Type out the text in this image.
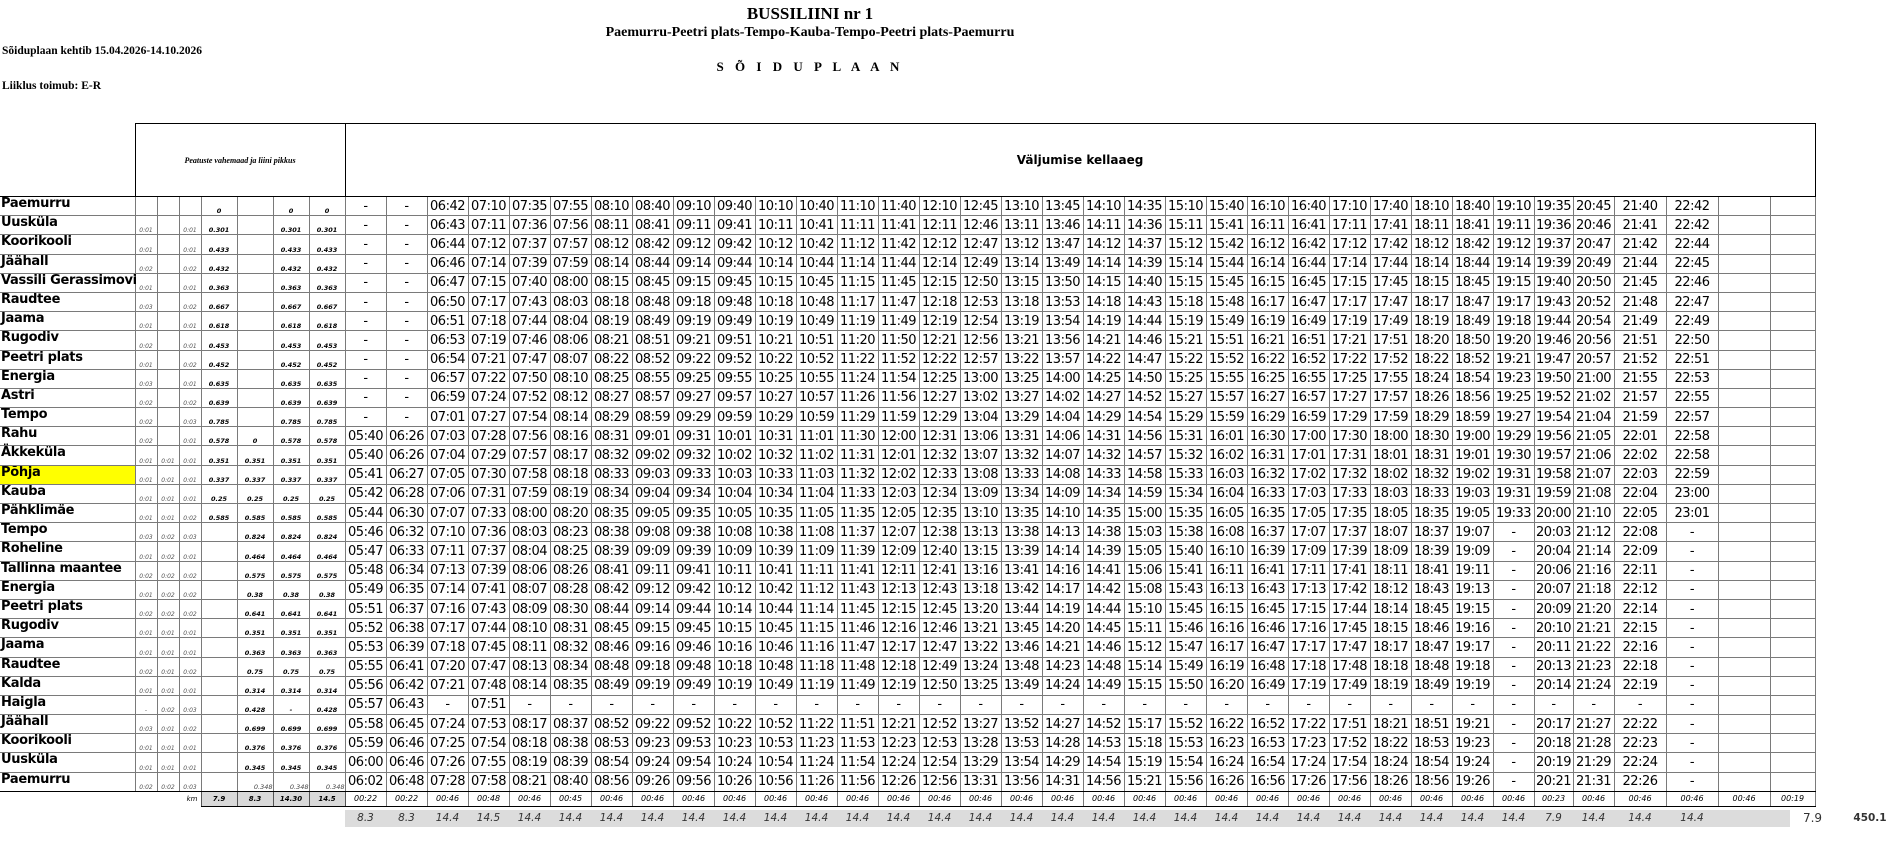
BUSSILIINI nr 1
Paemurru-Peetri plats-Tempo-Kauba-Tempo-Peetri plats-Paemurru
S Õ I D U P L A A N
Sõiduplaan kehtib 15.04.2026-14.10.2026
Liiklus toimub: E-R
	Peatuste vahemaad ja liini pikkus							Väljumise kellaaeg																																		
Paemurru				0		0	0	-	-	06:42	07:10	07:35	07:55	08:10	08:40	09:10	09:40	10:10	10:40	11:10	11:40	12:10	12:45	13:10	13:45	14:10	14:35	15:10	15:40	16:10	16:40	17:10	17:40	18:10	18:40	19:10	19:35	20:45	21:40	22:42		
Uusküla	0:01		0:01	0.301		0.301	0.301	-	-	06:43	07:11	07:36	07:56	08:11	08:41	09:11	09:41	10:11	10:41	11:11	11:41	12:11	12:46	13:11	13:46	14:11	14:36	15:11	15:41	16:11	16:41	17:11	17:41	18:11	18:41	19:11	19:36	20:46	21:41	22:42		
Koorikooli	0:01		0:01	0.433		0.433	0.433	-	-	06:44	07:12	07:37	07:57	08:12	08:42	09:12	09:42	10:12	10:42	11:12	11:42	12:12	12:47	13:12	13:47	14:12	14:37	15:12	15:42	16:12	16:42	17:12	17:42	18:12	18:42	19:12	19:37	20:47	21:42	22:44		
Jäähall	0:02		0:02	0.432		0.432	0.432	-	-	06:46	07:14	07:39	07:59	08:14	08:44	09:14	09:44	10:14	10:44	11:14	11:44	12:14	12:49	13:14	13:49	14:14	14:39	15:14	15:44	16:14	16:44	17:14	17:44	18:14	18:44	19:14	19:39	20:49	21:44	22:45		
Vassili Gerassimovi	0:01		0:01	0.363		0.363	0.363	-	-	06:47	07:15	07:40	08:00	08:15	08:45	09:15	09:45	10:15	10:45	11:15	11:45	12:15	12:50	13:15	13:50	14:15	14:40	15:15	15:45	16:15	16:45	17:15	17:45	18:15	18:45	19:15	19:40	20:50	21:45	22:46		
Raudtee	0:03		0:02	0.667		0.667	0.667	-	-	06:50	07:17	07:43	08:03	08:18	08:48	09:18	09:48	10:18	10:48	11:17	11:47	12:18	12:53	13:18	13:53	14:18	14:43	15:18	15:48	16:17	16:47	17:17	17:47	18:17	18:47	19:17	19:43	20:52	21:48	22:47		
Jaama	0:01		0:01	0.618		0.618	0.618	-	-	06:51	07:18	07:44	08:04	08:19	08:49	09:19	09:49	10:19	10:49	11:19	11:49	12:19	12:54	13:19	13:54	14:19	14:44	15:19	15:49	16:19	16:49	17:19	17:49	18:19	18:49	19:18	19:44	20:54	21:49	22:49		
Rugodiv	0:02		0:01	0.453		0.453	0.453	-	-	06:53	07:19	07:46	08:06	08:21	08:51	09:21	09:51	10:21	10:51	11:20	11:50	12:21	12:56	13:21	13:56	14:21	14:46	15:21	15:51	16:21	16:51	17:21	17:51	18:20	18:50	19:20	19:46	20:56	21:51	22:50		
Peetri plats	0:01		0:02	0.452		0.452	0.452	-	-	06:54	07:21	07:47	08:07	08:22	08:52	09:22	09:52	10:22	10:52	11:22	11:52	12:22	12:57	13:22	13:57	14:22	14:47	15:22	15:52	16:22	16:52	17:22	17:52	18:22	18:52	19:21	19:47	20:57	21:52	22:51		
Energia	0:03		0:01	0.635		0.635	0.635	-	-	06:57	07:22	07:50	08:10	08:25	08:55	09:25	09:55	10:25	10:55	11:24	11:54	12:25	13:00	13:25	14:00	14:25	14:50	15:25	15:55	16:25	16:55	17:25	17:55	18:24	18:54	19:23	19:50	21:00	21:55	22:53		
Astri	0:02		0:02	0.639		0.639	0.639	-	-	06:59	07:24	07:52	08:12	08:27	08:57	09:27	09:57	10:27	10:57	11:26	11:56	12:27	13:02	13:27	14:02	14:27	14:52	15:27	15:57	16:27	16:57	17:27	17:57	18:26	18:56	19:25	19:52	21:02	21:57	22:55		
Tempo	0:02		0:03	0.785		0.785	0.785	-	-	07:01	07:27	07:54	08:14	08:29	08:59	09:29	09:59	10:29	10:59	11:29	11:59	12:29	13:04	13:29	14:04	14:29	14:54	15:29	15:59	16:29	16:59	17:29	17:59	18:29	18:59	19:27	19:54	21:04	21:59	22:57		
Rahu	0:02		0:01	0.578	0	0.578	0.578	05:40	06:26	07:03	07:28	07:56	08:16	08:31	09:01	09:31	10:01	10:31	11:01	11:30	12:00	12:31	13:06	13:31	14:06	14:31	14:56	15:31	16:01	16:30	17:00	17:30	18:00	18:30	19:00	19:29	19:56	21:05	22:01	22:58		
Äkkeküla	0:01	0:01	0:01	0.351	0.351	0.351	0.351	05:40	06:26	07:04	07:29	07:57	08:17	08:32	09:02	09:32	10:02	10:32	11:02	11:31	12:01	12:32	13:07	13:32	14:07	14:32	14:57	15:32	16:02	16:31	17:01	17:31	18:01	18:31	19:01	19:30	19:57	21:06	22:02	22:58		
Põhja	0:01	0:01	0:01	0.337	0.337	0.337	0.337	05:41	06:27	07:05	07:30	07:58	08:18	08:33	09:03	09:33	10:03	10:33	11:03	11:32	12:02	12:33	13:08	13:33	14:08	14:33	14:58	15:33	16:03	16:32	17:02	17:32	18:02	18:32	19:02	19:31	19:58	21:07	22:03	22:59		
Kauba	0:01	0:01	0:01	0.25	0.25	0.25	0.25	05:42	06:28	07:06	07:31	07:59	08:19	08:34	09:04	09:34	10:04	10:34	11:04	11:33	12:03	12:34	13:09	13:34	14:09	14:34	14:59	15:34	16:04	16:33	17:03	17:33	18:03	18:33	19:03	19:31	19:59	21:08	22:04	23:00		
Pähklimäe	0:01	0:01	0:02	0.585	0.585	0.585	0.585	05:44	06:30	07:07	07:33	08:00	08:20	08:35	09:05	09:35	10:05	10:35	11:05	11:35	12:05	12:35	13:10	13:35	14:10	14:35	15:00	15:35	16:05	16:35	17:05	17:35	18:05	18:35	19:05	19:33	20:00	21:10	22:05	23:01		
Tempo	0:03	0:02	0:03		0.824	0.824	0.824	05:46	06:32	07:10	07:36	08:03	08:23	08:38	09:08	09:38	10:08	10:38	11:08	11:37	12:07	12:38	13:13	13:38	14:13	14:38	15:03	15:38	16:08	16:37	17:07	17:37	18:07	18:37	19:07	-	20:03	21:12	22:08	-		
Roheline	0:01	0:02	0:01		0.464	0.464	0.464	05:47	06:33	07:11	07:37	08:04	08:25	08:39	09:09	09:39	10:09	10:39	11:09	11:39	12:09	12:40	13:15	13:39	14:14	14:39	15:05	15:40	16:10	16:39	17:09	17:39	18:09	18:39	19:09	-	20:04	21:14	22:09	-		
Tallinna maantee	0:02	0:02	0:02		0.575	0.575	0.575	05:48	06:34	07:13	07:39	08:06	08:26	08:41	09:11	09:41	10:11	10:41	11:11	11:41	12:11	12:41	13:16	13:41	14:16	14:41	15:06	15:41	16:11	16:41	17:11	17:41	18:11	18:41	19:11	-	20:06	21:16	22:11	-		
Energia	0:01	0:02	0:02		0.38	0.38	0.38	05:49	06:35	07:14	07:41	08:07	08:28	08:42	09:12	09:42	10:12	10:42	11:12	11:43	12:13	12:43	13:18	13:42	14:17	14:42	15:08	15:43	16:13	16:43	17:13	17:42	18:12	18:43	19:13	-	20:07	21:18	22:12	-		
Peetri plats	0:02	0:02	0:02		0.641	0.641	0.641	05:51	06:37	07:16	07:43	08:09	08:30	08:44	09:14	09:44	10:14	10:44	11:14	11:45	12:15	12:45	13:20	13:44	14:19	14:44	15:10	15:45	16:15	16:45	17:15	17:44	18:14	18:45	19:15	-	20:09	21:20	22:14	-		
Rugodiv	0:01	0:01	0:01		0.351	0.351	0.351	05:52	06:38	07:17	07:44	08:10	08:31	08:45	09:15	09:45	10:15	10:45	11:15	11:46	12:16	12:46	13:21	13:45	14:20	14:45	15:11	15:46	16:16	16:46	17:16	17:45	18:15	18:46	19:16	-	20:10	21:21	22:15	-		
Jaama	0:01	0:01	0:01		0.363	0.363	0.363	05:53	06:39	07:18	07:45	08:11	08:32	08:46	09:16	09:46	10:16	10:46	11:16	11:47	12:17	12:47	13:22	13:46	14:21	14:46	15:12	15:47	16:17	16:47	17:17	17:47	18:17	18:47	19:17	-	20:11	21:22	22:16	-		
Raudtee	0:02	0:01	0:02		0.75	0.75	0.75	05:55	06:41	07:20	07:47	08:13	08:34	08:48	09:18	09:48	10:18	10:48	11:18	11:48	12:18	12:49	13:24	13:48	14:23	14:48	15:14	15:49	16:19	16:48	17:18	17:48	18:18	18:48	19:18	-	20:13	21:23	22:18	-		
Kalda	0:01	0:01	0:01		0.314	0.314	0.314	05:56	06:42	07:21	07:48	08:14	08:35	08:49	09:19	09:49	10:19	10:49	11:19	11:49	12:19	12:50	13:25	13:49	14:24	14:49	15:15	15:50	16:20	16:49	17:19	17:49	18:19	18:49	19:19	-	20:14	21:24	22:19	-		
Haigla	-	0:02	0:03		0.428	-	0.428	05:57	06:43	-	07:51	-	-	-	-	-	-	-	-	-	-	-	-	-	-	-	-	-	-	-	-	-	-	-	-	-	-	-	-	-		
Jäähall	0:03	0:01	0:02		0.699	0.699	0.699	05:58	06:45	07:24	07:53	08:17	08:37	08:52	09:22	09:52	10:22	10:52	11:22	11:51	12:21	12:52	13:27	13:52	14:27	14:52	15:17	15:52	16:22	16:52	17:22	17:51	18:21	18:51	19:21	-	20:17	21:27	22:22	-		
Koorikooli	0:01	0:01	0:01		0.376	0.376	0.376	05:59	06:46	07:25	07:54	08:18	08:38	08:53	09:23	09:53	10:23	10:53	11:23	11:53	12:23	12:53	13:28	13:53	14:28	14:53	15:18	15:53	16:23	16:53	17:23	17:52	18:22	18:53	19:23	-	20:18	21:28	22:23	-		
Uusküla	0:01	0:01	0:01		0.345	0.345	0.345	06:00	06:46	07:26	07:55	08:19	08:39	08:54	09:24	09:54	10:24	10:54	11:24	11:54	12:24	12:54	13:29	13:54	14:29	14:54	15:19	15:54	16:24	16:54	17:24	17:54	18:24	18:54	19:24	-	20:19	21:29	22:24	-		
Paemurru	0:02	0:02	0:03		0.348	0.348	0.348	06:02	06:48	07:28	07:58	08:21	08:40	08:56	09:26	09:56	10:26	10:56	11:26	11:56	12:26	12:56	13:31	13:56	14:31	14:56	15:21	15:56	16:26	16:56	17:26	17:56	18:26	18:56	19:26	-	20:21	21:31	22:26	-		
km				7.9	8.3	14.30	14.5	00:22	00:22	00:46	00:48	00:46	00:45	00:46	00:46	00:46	00:46	00:46	00:46	00:46	00:46	00:46	00:46	00:46	00:46	00:46	00:46	00:46	00:46	00:46	00:46	00:46	00:46	00:46	00:46	00:46	00:23	00:46	00:46	00:46	00:46	00:19
8.3 8.3 14.4 14.5 14.4 14.4 14.4 14.4 14.4 14.4 14.4 14.4 14.4 14.4 14.4 14.4 14.4 14.4 14.4 14.4 14.4 14.4 14.4 14.4 14.4 14.4 14.4 14.4 14.4 7.9 14.4 14.4	14.4	7.9	450.1
